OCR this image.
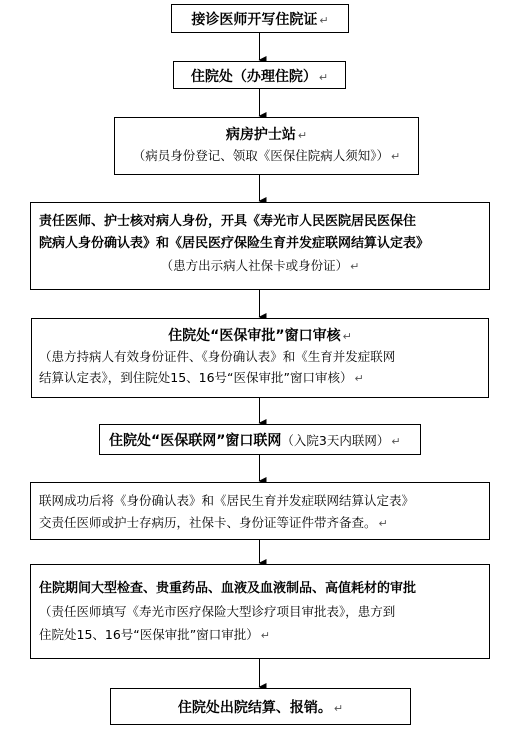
接诊医师开写住院证 ↵
住院处（办理住院） ↵
病房护士站 ↵
（病员身份登记、领取《医保住院病人须知》） ↵
责任医师、护士核对病人身份，开具《寿光市人民医院居民医保住
院病人身份确认表》和《居民医疗保险生育并发症联网结算认定表》
（患方出示病人社保卡或身份证） ↵
住院处“医保审批”窗口审核 ↵
（患方持病人有效身份证件、《身份确认表》和《生育并发症联网
结算认定表》，到住院处15、16号“医保审批”窗口审核） ↵
住院处“医保联网”窗口联网（入院3天内联网） ↵
联网成功后将《身份确认表》和《居民生育并发症联网结算认定表》
交责任医师或护士存病历，社保卡、身份证等证件带齐备查。 ↵
住院期间大型检查、贵重药品、血液及血液制品、高值耗材的审批
（责任医师填写《寿光市医疗保险大型诊疗项目审批表》，患方到
住院处15、16号“医保审批”窗口审批） ↵
住院处出院结算、报销。 ↵
